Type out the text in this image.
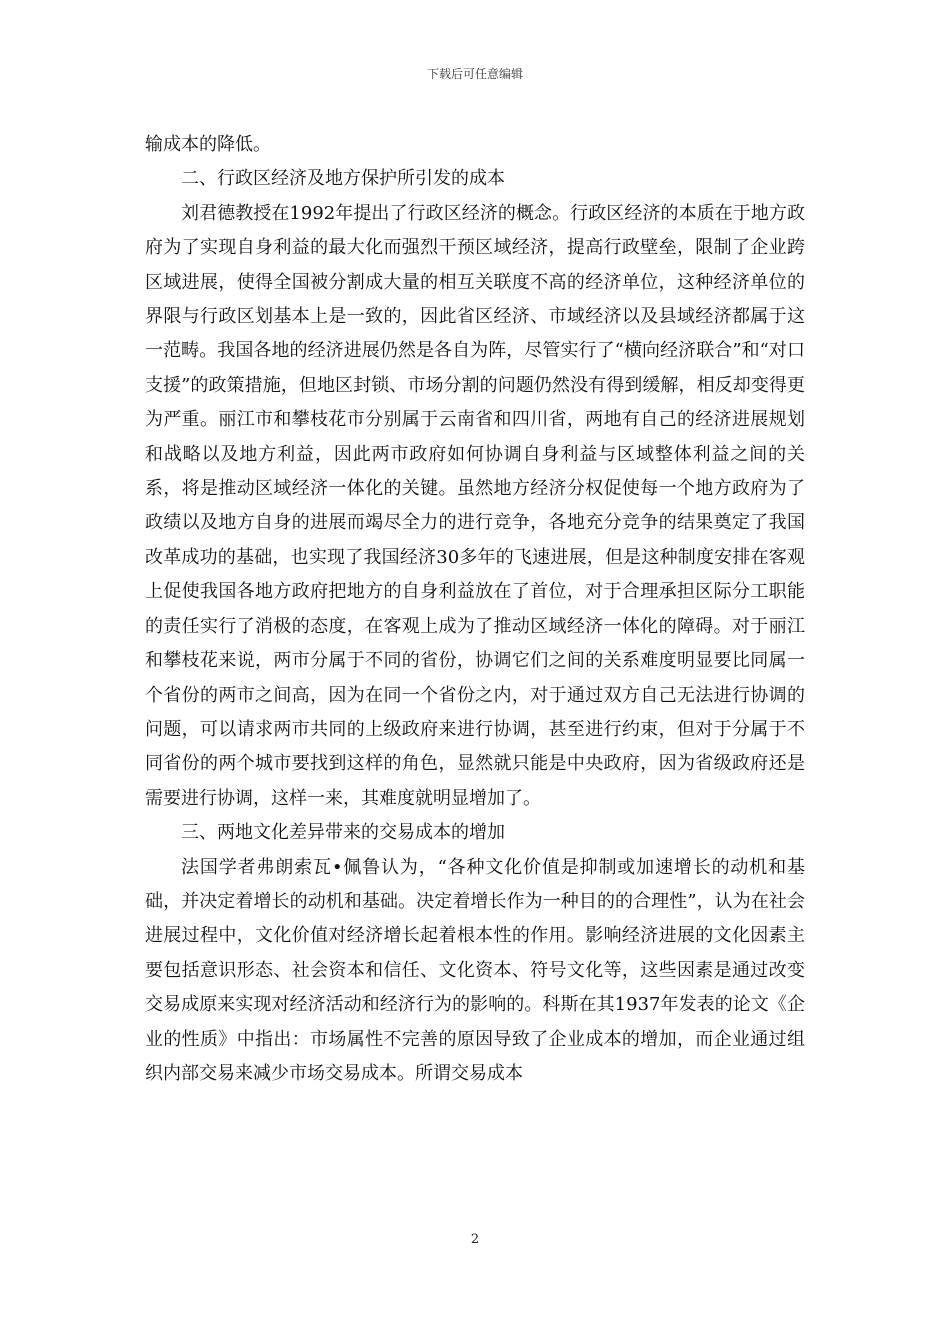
下载后可任意编辑

输成本的降低。

二、行政区经济及地方保护所引发的成本

刘君德教授在1992年提出了行政区经济的概念。行政区经济的本质在于地方政府为了实现自身利益的最大化而强烈干预区域经济，提高行政壁垒，限制了企业跨区域进展，使得全国被分割成大量的相互关联度不高的经济单位，这种经济单位的界限与行政区划基本上是一致的，因此省区经济、市域经济以及县域经济都属于这一范畴。我国各地的经济进展仍然是各自为阵，尽管实行了“横向经济联合”和“对口支援”的政策措施，但地区封锁、市场分割的问题仍然没有得到缓解，相反却变得更为严重。丽江市和攀枝花市分别属于云南省和四川省，两地有自己的经济进展规划和战略以及地方利益，因此两市政府如何协调自身利益与区域整体利益之间的关系，将是推动区域经济一体化的关键。虽然地方经济分权促使每一个地方政府为了政绩以及地方自身的进展而竭尽全力的进行竞争，各地充分竞争的结果奠定了我国改革成功的基础，也实现了我国经济30多年的飞速进展，但是这种制度安排在客观上促使我国各地方政府把地方的自身利益放在了首位，对于合理承担区际分工职能的责任实行了消极的态度，在客观上成为了推动区域经济一体化的障碍。对于丽江和攀枝花来说，两市分属于不同的省份，协调它们之间的关系难度明显要比同属一个省份的两市之间高，因为在同一个省份之内，对于通过双方自己无法进行协调的问题，可以请求两市共同的上级政府来进行协调，甚至进行约束，但对于分属于不同省份的两个城市要找到这样的角色，显然就只能是中央政府，因为省级政府还是需要进行协调，这样一来，其难度就明显增加了。

三、两地文化差异带来的交易成本的增加

法国学者弗朗索瓦•佩鲁认为，“各种文化价值是抑制或加速增长的动机和基础，并决定着增长的动机和基础。决定着增长作为一种目的的合理性”，认为在社会进展过程中，文化价值对经济增长起着根本性的作用。影响经济进展的文化因素主要包括意识形态、社会资本和信任、文化资本、符号文化等，这些因素是通过改变交易成原来实现对经济活动和经济行为的影响的。科斯在其1937年发表的论文《企业的性质》中指出：市场属性不完善的原因导致了企业成本的增加，而企业通过组织内部交易来减少市场交易成本。所谓交易成本

2
